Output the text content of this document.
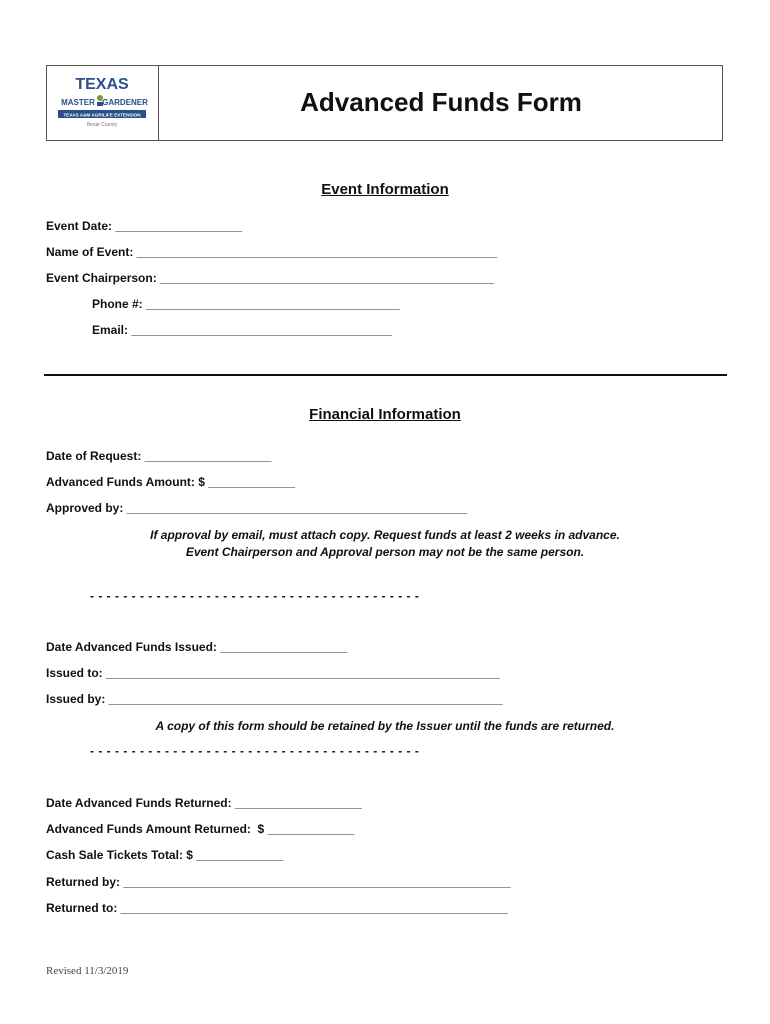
TEXAS
MASTER GARDENER
TEXAS A&M AGRILIFE EXTENSION
Bexar County
Advanced Funds Form
Event Information
Event Date: ___________________
Name of Event: ______________________________________________________
Event Chairperson: __________________________________________________
Phone #: ______________________________________
Email: _______________________________________
Financial Information
Date of Request: ___________________
Advanced Funds Amount: $ _____________
Approved by: ___________________________________________________
If approval by email, must attach copy. Request funds at least 2 weeks in advance.
Event Chairperson and Approval person may not be the same person.
- - - - - - - - - - - - - - - - - - - - - - - - - - - - - - - - - - - - - - - -
Date Advanced Funds Issued: ___________________
Issued to: ___________________________________________________________
Issued by: ___________________________________________________________
A copy of this form should be retained by the Issuer until the funds are returned.
- - - - - - - - - - - - - - - - - - - - - - - - - - - - - - - - - - - - - - - -
Date Advanced Funds Returned: ___________________
Advanced Funds Amount Returned:  $ _____________
Cash Sale Tickets Total: $ _____________
Returned by: __________________________________________________________
Returned to: __________________________________________________________
Revised 11/3/2019
